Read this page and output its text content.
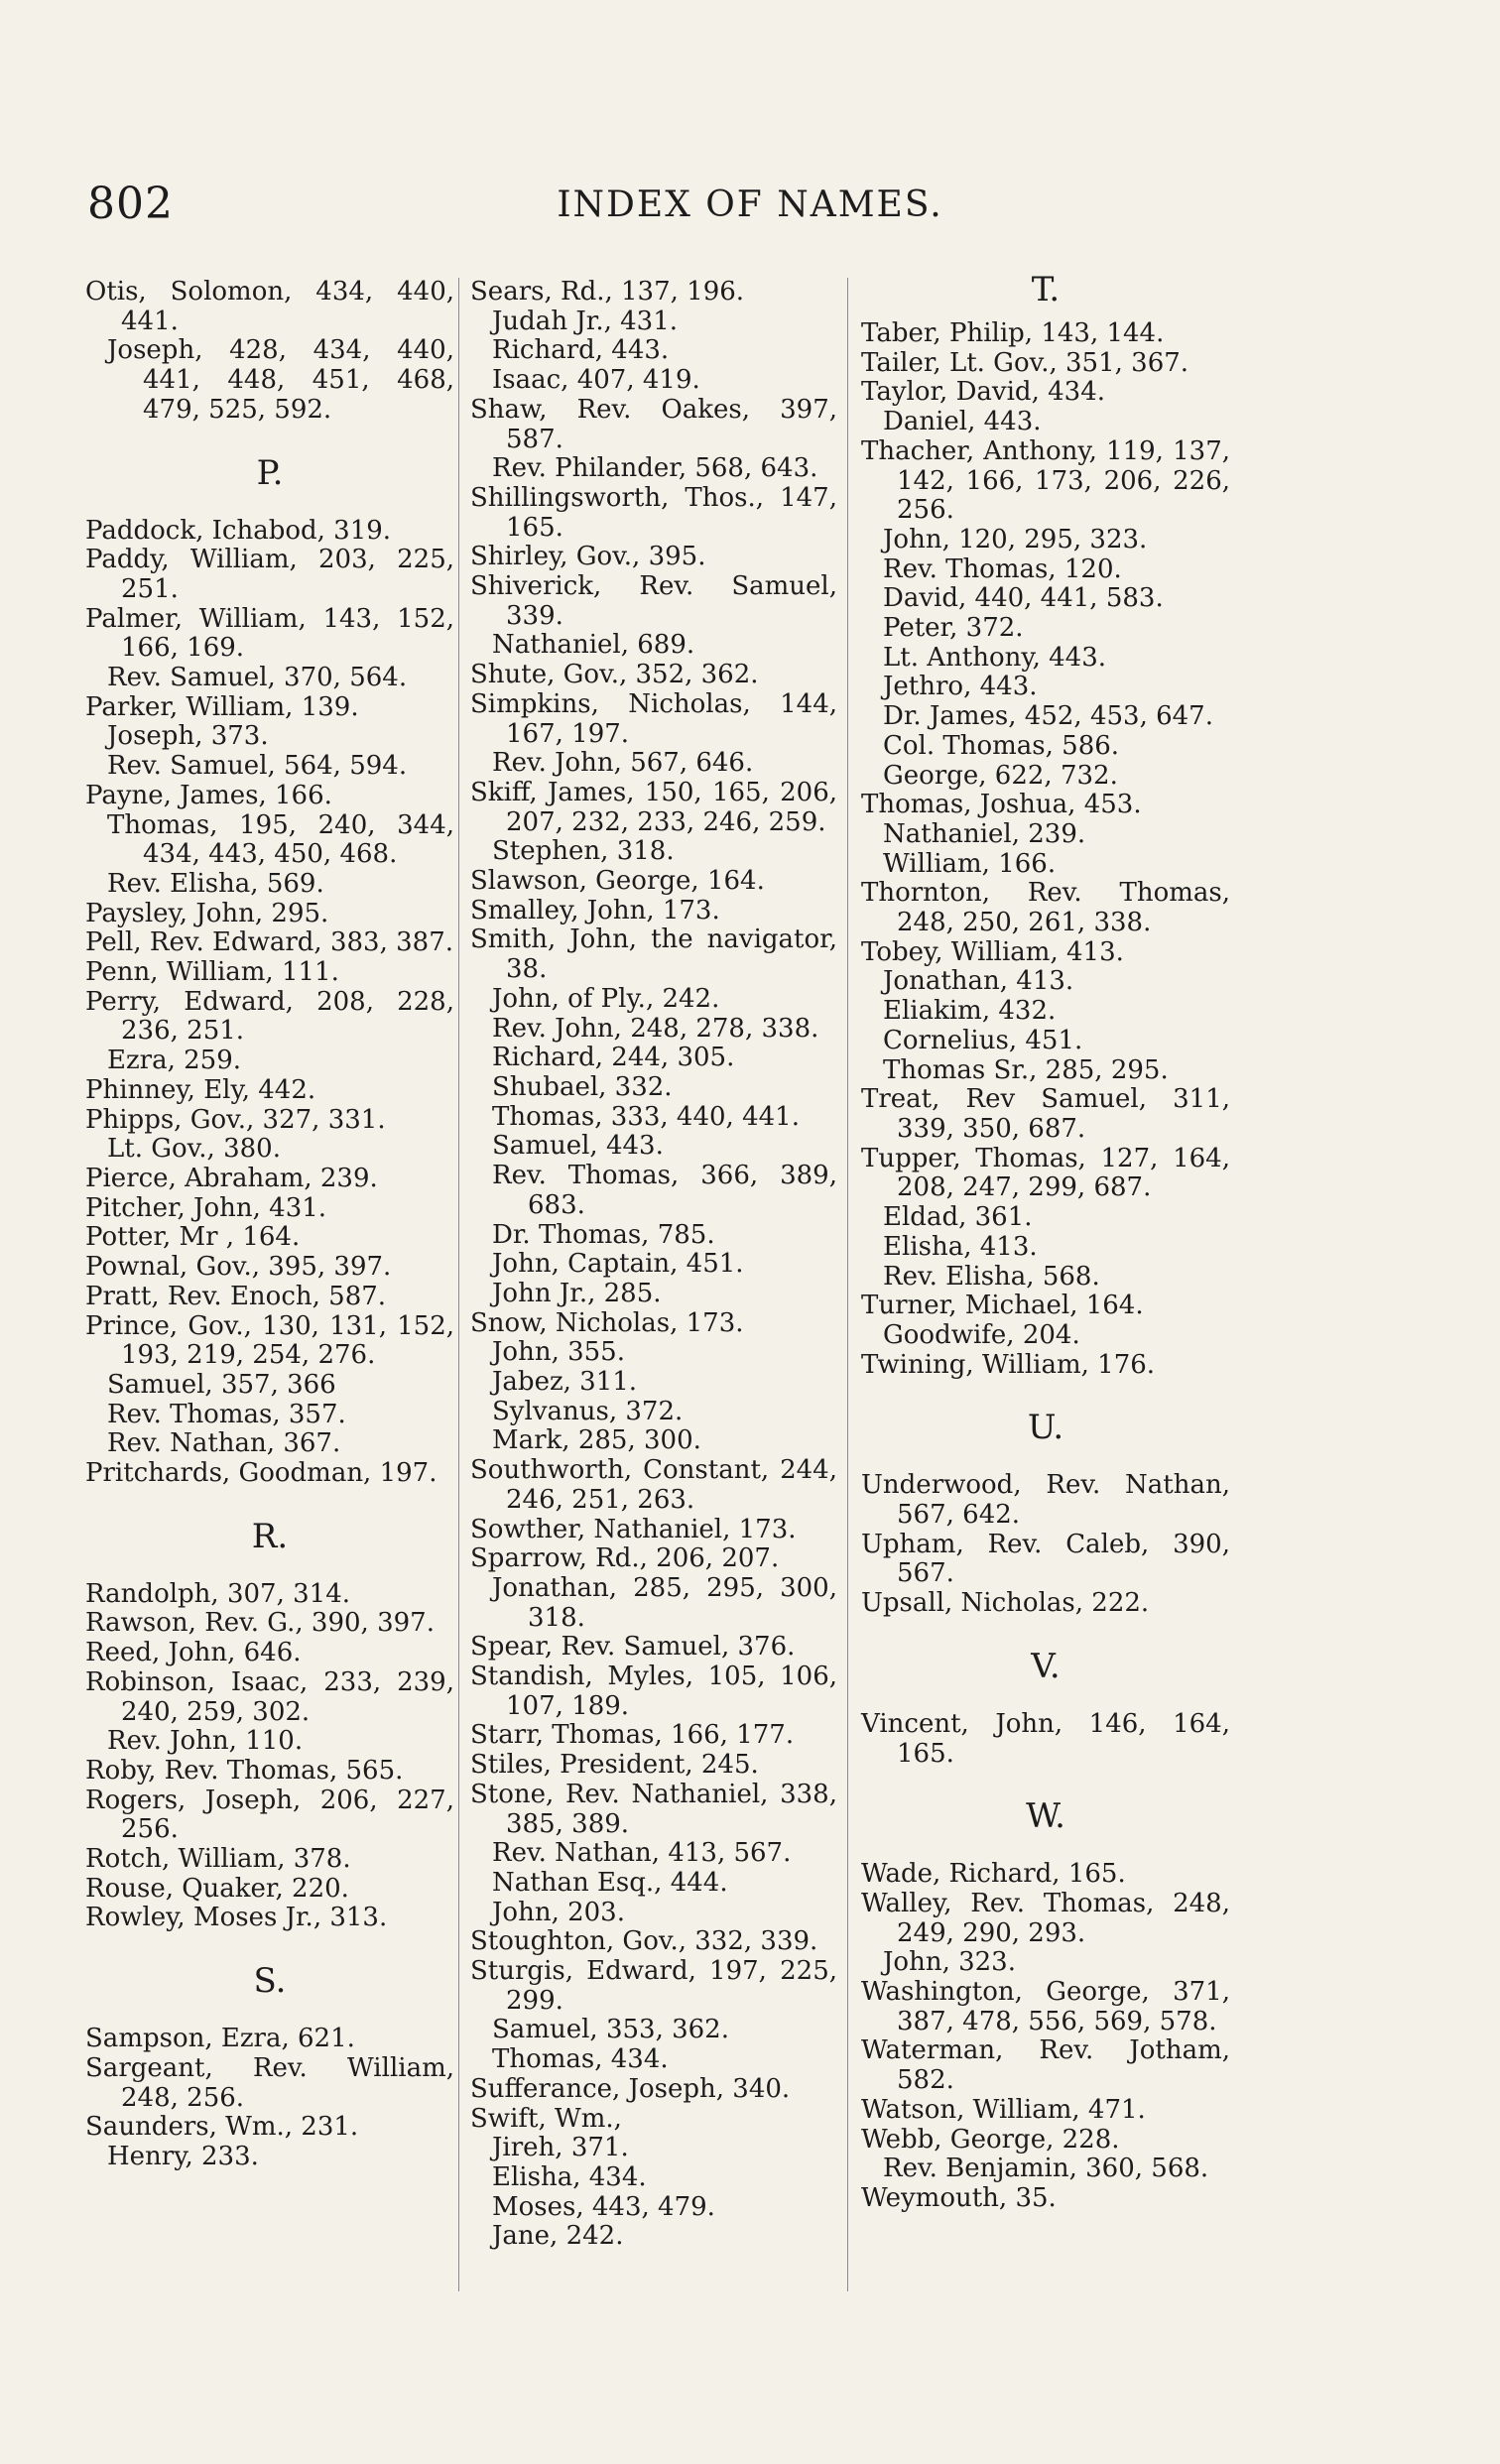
802	INDEX OF NAMES.
Otis, Solomon, 434, 440, 441.
Joseph, 428, 434, 440, 441, 448, 451, 468, 479, 525, 592.
P.
Paddock, Ichabod, 319.
Paddy, William, 203, 225, 251.
Palmer, William, 143, 152, 166, 169.
Rev. Samuel, 370, 564.
Parker, William, 139.
Joseph, 373.
Rev. Samuel, 564, 594.
Payne, James, 166.
Thomas, 195, 240, 344, 434, 443, 450, 468.
Rev. Elisha, 569.
Paysley, John, 295.
Pell, Rev. Edward, 383, 387.
Penn, William, 111.
Perry, Edward, 208, 228, 236, 251.
Ezra, 259.
Phinney, Ely, 442.
Phipps, Gov., 327, 331.
Lt. Gov., 380.
Pierce, Abraham, 239.
Pitcher, John, 431.
Potter, Mr , 164.
Pownal, Gov., 395, 397.
Pratt, Rev. Enoch, 587.
Prince, Gov., 130, 131, 152, 193, 219, 254, 276.
Samuel, 357, 366
Rev. Thomas, 357.
Rev. Nathan, 367.
Pritchards, Goodman, 197.
R.
Randolph, 307, 314.
Rawson, Rev. G., 390, 397.
Reed, John, 646.
Robinson, Isaac, 233, 239, 240, 259, 302.
Rev. John, 110.
Roby, Rev. Thomas, 565.
Rogers, Joseph, 206, 227, 256.
Rotch, William, 378.
Rouse, Quaker, 220.
Rowley, Moses Jr., 313.
S.
Sampson, Ezra, 621.
Sargeant, Rev. William, 248, 256.
Saunders, Wm., 231.
Henry, 233.
Sears, Rd., 137, 196.
Judah Jr., 431.
Richard, 443.
Isaac, 407, 419.
Shaw, Rev. Oakes, 397, 587.
Rev. Philander, 568, 643.
Shillingsworth, Thos., 147, 165.
Shirley, Gov., 395.
Shiverick, Rev. Samuel, 339.
Nathaniel, 689.
Shute, Gov., 352, 362.
Simpkins, Nicholas, 144, 167, 197.
Rev. John, 567, 646.
Skiff, James, 150, 165, 206, 207, 232, 233, 246, 259.
Stephen, 318.
Slawson, George, 164.
Smalley, John, 173.
Smith, John, the navigator, 38.
John, of Ply., 242.
Rev. John, 248, 278, 338.
Richard, 244, 305.
Shubael, 332.
Thomas, 333, 440, 441.
Samuel, 443.
Rev. Thomas, 366, 389, 683.
Dr. Thomas, 785.
John, Captain, 451.
John Jr., 285.
Snow, Nicholas, 173.
John, 355.
Jabez, 311.
Sylvanus, 372.
Mark, 285, 300.
Southworth, Constant, 244, 246, 251, 263.
Sowther, Nathaniel, 173.
Sparrow, Rd., 206, 207.
Jonathan, 285, 295, 300, 318.
Spear, Rev. Samuel, 376.
Standish, Myles, 105, 106, 107, 189.
Starr, Thomas, 166, 177.
Stiles, President, 245.
Stone, Rev. Nathaniel, 338, 385, 389.
Rev. Nathan, 413, 567.
Nathan Esq., 444.
John, 203.
Stoughton, Gov., 332, 339.
Sturgis, Edward, 197, 225, 299.
Samuel, 353, 362.
Thomas, 434.
Sufferance, Joseph, 340.
Swift, Wm.,
Jireh, 371.
Elisha, 434.
Moses, 443, 479.
Jane, 242.
T.
Taber, Philip, 143, 144.
Tailer, Lt. Gov., 351, 367.
Taylor, David, 434.
Daniel, 443.
Thacher, Anthony, 119, 137, 142, 166, 173, 206, 226, 256.
John, 120, 295, 323.
Rev. Thomas, 120.
David, 440, 441, 583.
Peter, 372.
Lt. Anthony, 443.
Jethro, 443.
Dr. James, 452, 453, 647.
Col. Thomas, 586.
George, 622, 732.
Thomas, Joshua, 453.
Nathaniel, 239.
William, 166.
Thornton, Rev. Thomas, 248, 250, 261, 338.
Tobey, William, 413.
Jonathan, 413.
Eliakim, 432.
Cornelius, 451.
Thomas Sr., 285, 295.
Treat, Rev Samuel, 311, 339, 350, 687.
Tupper, Thomas, 127, 164, 208, 247, 299, 687.
Eldad, 361.
Elisha, 413.
Rev. Elisha, 568.
Turner, Michael, 164.
Goodwife, 204.
Twining, William, 176.
U.
Underwood, Rev. Nathan, 567, 642.
Upham, Rev. Caleb, 390, 567.
Upsall, Nicholas, 222.
V.
Vincent, John, 146, 164, 165.
W.
Wade, Richard, 165.
Walley, Rev. Thomas, 248, 249, 290, 293.
John, 323.
Washington, George, 371, 387, 478, 556, 569, 578.
Waterman, Rev. Jotham, 582.
Watson, William, 471.
Webb, George, 228.
Rev. Benjamin, 360, 568.
Weymouth, 35.
